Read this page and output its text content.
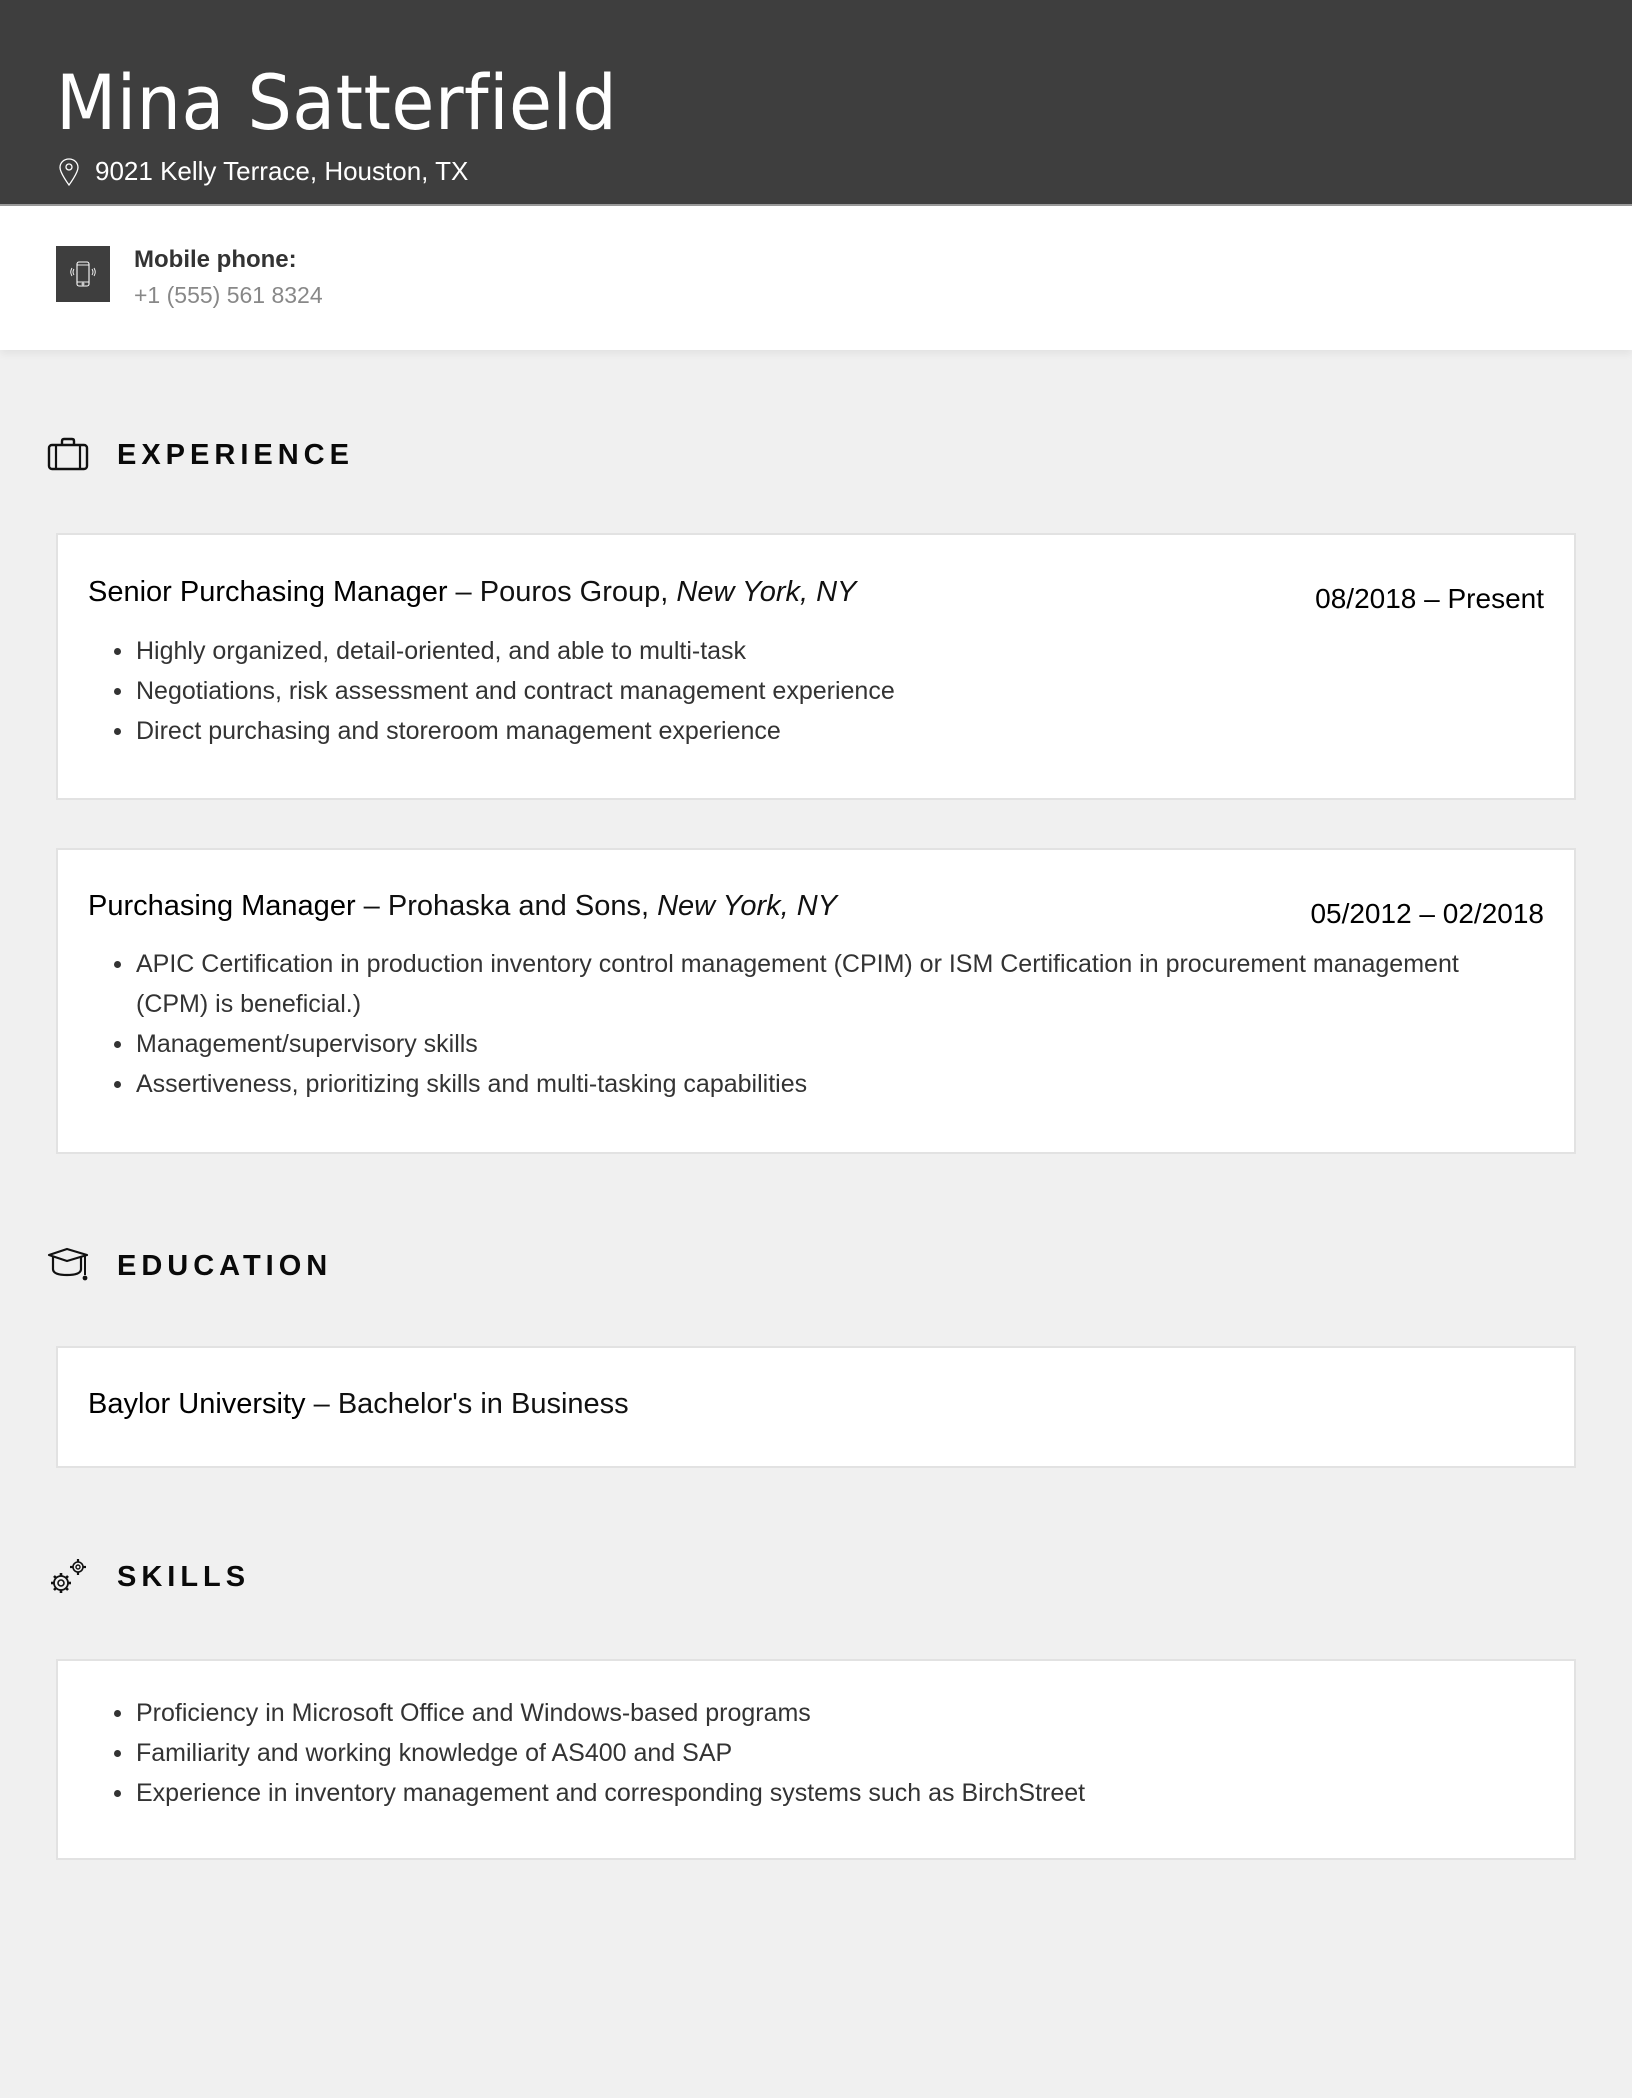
Mina Satterfield
9021 Kelly Terrace, Houston, TX
Mobile phone:
+1 (555) 561 8324
EXPERIENCE
Senior Purchasing Manager – Pouros Group, New York, NY	08/2018 – Present
Highly organized, detail-oriented, and able to multi-task
Negotiations, risk assessment and contract management experience
Direct purchasing and storeroom management experience
Purchasing Manager – Prohaska and Sons, New York, NY	05/2012 – 02/2018
APIC Certification in production inventory control management (CPIM) or ISM Certification in procurement management (CPM) is beneficial.)
Management/supervisory skills
Assertiveness, prioritizing skills and multi-tasking capabilities
EDUCATION
Baylor University – Bachelor's in Business
SKILLS
Proficiency in Microsoft Office and Windows-based programs
Familiarity and working knowledge of AS400 and SAP
Experience in inventory management and corresponding systems such as BirchStreet
